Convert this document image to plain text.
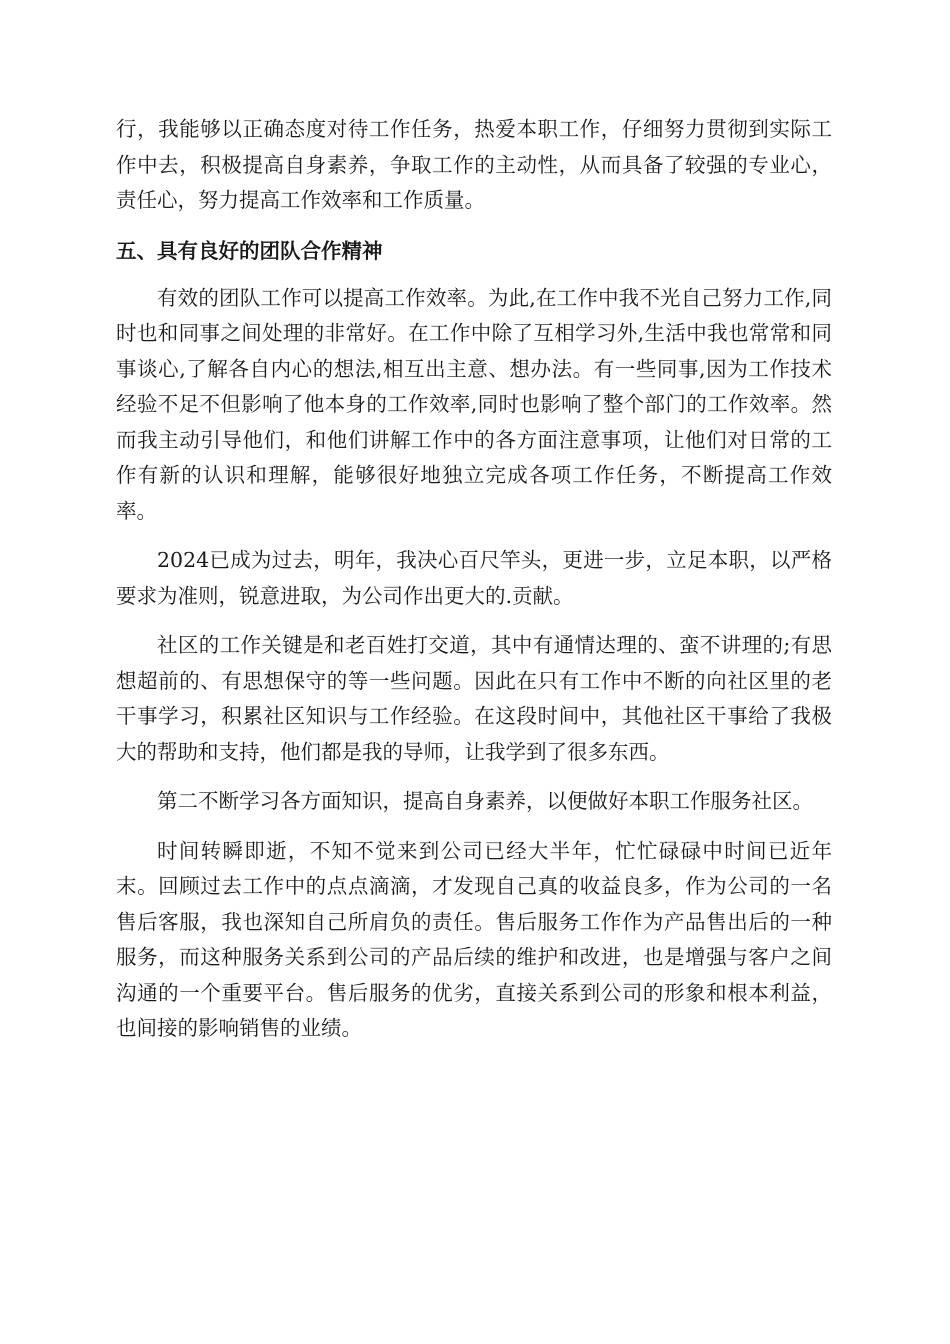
行，我能够以正确态度对待工作任务，热爱本职工作，仔细努力贯彻到实际工作中去，积极提高自身素养，争取工作的主动性，从而具备了较强的专业心，责任心，努力提高工作效率和工作质量。

五、具有良好的团队合作精神

有效的团队工作可以提高工作效率。为此,在工作中我不光自己努力工作,同时也和同事之间处理的非常好。在工作中除了互相学习外,生活中我也常常和同事谈心,了解各自内心的想法,相互出主意、想办法。有一些同事,因为工作技术经验不足不但影响了他本身的工作效率,同时也影响了整个部门的工作效率。然而我主动引导他们，和他们讲解工作中的各方面注意事项，让他们对日常的工作有新的认识和理解，能够很好地独立完成各项工作任务，不断提高工作效率。

2024已成为过去，明年，我决心百尺竿头，更进一步，立足本职，以严格要求为准则，锐意进取，为公司作出更大的.贡献。

社区的工作关键是和老百姓打交道，其中有通情达理的、蛮不讲理的;有思想超前的、有思想保守的等一些问题。因此在只有工作中不断的向社区里的老干事学习，积累社区知识与工作经验。在这段时间中，其他社区干事给了我极大的帮助和支持，他们都是我的导师，让我学到了很多东西。

第二不断学习各方面知识，提高自身素养，以便做好本职工作服务社区。

时间转瞬即逝，不知不觉来到公司已经大半年，忙忙碌碌中时间已近年末。回顾过去工作中的点点滴滴，才发现自己真的收益良多，作为公司的一名售后客服，我也深知自己所肩负的责任。售后服务工作作为产品售出后的一种服务，而这种服务关系到公司的产品后续的维护和改进，也是增强与客户之间沟通的一个重要平台。售后服务的优劣，直接关系到公司的形象和根本利益，也间接的影响销售的业绩。
